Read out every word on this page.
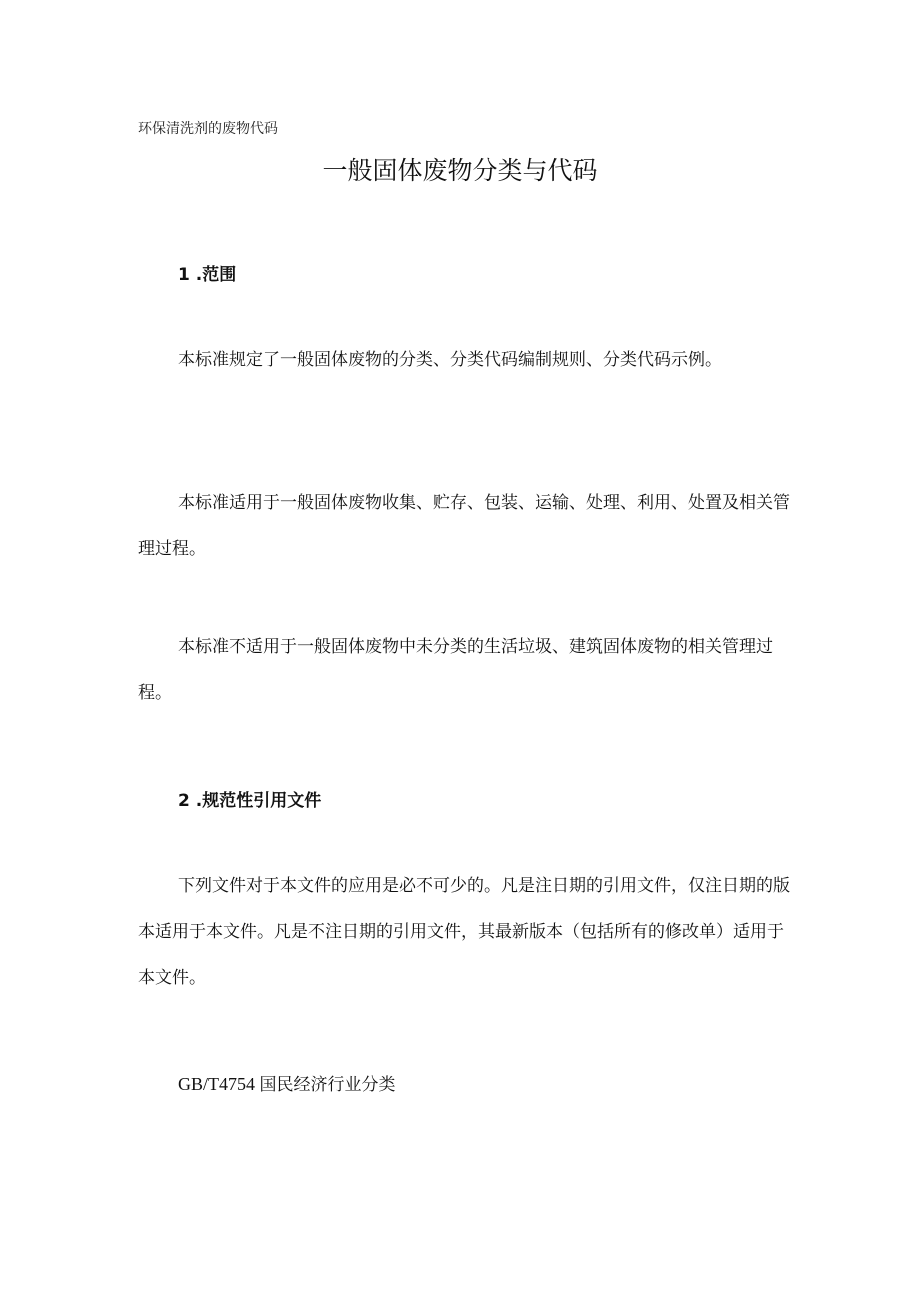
环保清洗剂的废物代码
一般固体废物分类与代码
1 .范围
本标准规定了一般固体废物的分类、分类代码编制规则、分类代码示例。
本标准适用于一般固体废物收集、贮存、包装、运输、处理、利用、处置及相关管理过程。
本标准不适用于一般固体废物中未分类的生活垃圾、建筑固体废物的相关管理过程。
2 .规范性引用文件
下列文件对于本文件的应用是必不可少的。凡是注日期的引用文件，仅注日期的版本适用于本文件。凡是不注日期的引用文件，其最新版本（包括所有的修改单）适用于本文件。
GB/T4754 国民经济行业分类
